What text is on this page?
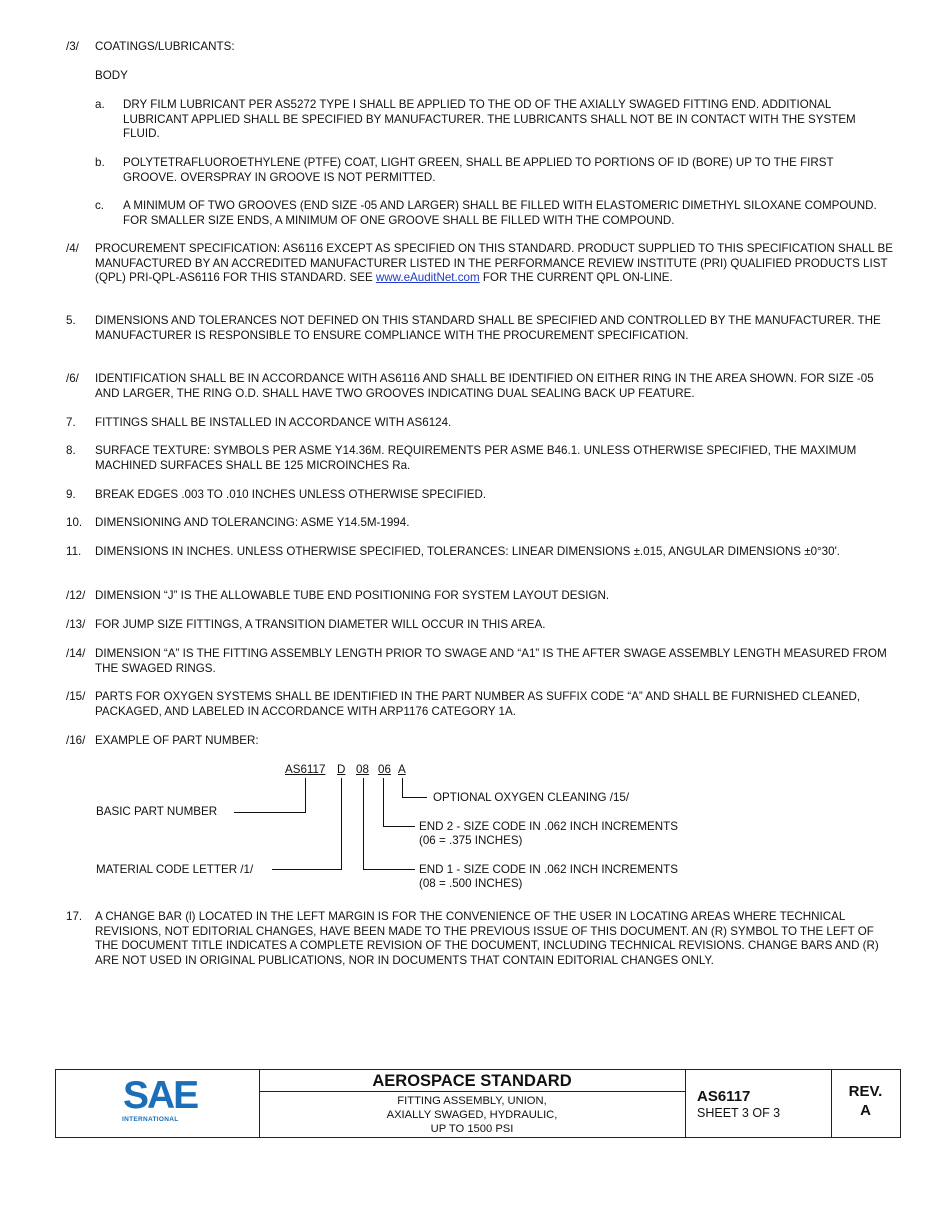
/3/	COATINGS/LUBRICANTS:
BODY
a.	DRY FILM LUBRICANT PER AS5272 TYPE I SHALL BE APPLIED TO THE OD OF THE AXIALLY SWAGED FITTING END. ADDITIONAL LUBRICANT APPLIED SHALL BE SPECIFIED BY MANUFACTURER. THE LUBRICANTS SHALL NOT BE IN CONTACT WITH THE SYSTEM FLUID.
b.	POLYTETRAFLUOROETHYLENE (PTFE) COAT, LIGHT GREEN, SHALL BE APPLIED TO PORTIONS OF ID (BORE) UP TO THE FIRST GROOVE. OVERSPRAY IN GROOVE IS NOT PERMITTED.
c.	A MINIMUM OF TWO GROOVES (END SIZE -05 AND LARGER) SHALL BE FILLED WITH ELASTOMERIC DIMETHYL SILOXANE COMPOUND. FOR SMALLER SIZE ENDS, A MINIMUM OF ONE GROOVE SHALL BE FILLED WITH THE COMPOUND.
/4/	PROCUREMENT SPECIFICATION: AS6116 EXCEPT AS SPECIFIED ON THIS STANDARD. PRODUCT SUPPLIED TO THIS SPECIFICATION SHALL BE MANUFACTURED BY AN ACCREDITED MANUFACTURER LISTED IN THE PERFORMANCE REVIEW INSTITUTE (PRI) QUALIFIED PRODUCTS LIST (QPL) PRI-QPL-AS6116 FOR THIS STANDARD. SEE www.eAuditNet.com FOR THE CURRENT QPL ON-LINE.
5.	DIMENSIONS AND TOLERANCES NOT DEFINED ON THIS STANDARD SHALL BE SPECIFIED AND CONTROLLED BY THE MANUFACTURER. THE MANUFACTURER IS RESPONSIBLE TO ENSURE COMPLIANCE WITH THE PROCUREMENT SPECIFICATION.
/6/	IDENTIFICATION SHALL BE IN ACCORDANCE WITH AS6116 AND SHALL BE IDENTIFIED ON EITHER RING IN THE AREA SHOWN. FOR SIZE -05 AND LARGER, THE RING O.D. SHALL HAVE TWO GROOVES INDICATING DUAL SEALING BACK UP FEATURE.
7.	FITTINGS SHALL BE INSTALLED IN ACCORDANCE WITH AS6124.
8.	SURFACE TEXTURE: SYMBOLS PER ASME Y14.36M. REQUIREMENTS PER ASME B46.1. UNLESS OTHERWISE SPECIFIED, THE MAXIMUM MACHINED SURFACES SHALL BE 125 MICROINCHES Ra.
9.	BREAK EDGES .003 TO .010 INCHES UNLESS OTHERWISE SPECIFIED.
10.	DIMENSIONING AND TOLERANCING: ASME Y14.5M-1994.
11.	DIMENSIONS IN INCHES. UNLESS OTHERWISE SPECIFIED, TOLERANCES: LINEAR DIMENSIONS ±.015, ANGULAR DIMENSIONS ±0°30'.
/12/ DIMENSION “J” IS THE ALLOWABLE TUBE END POSITIONING FOR SYSTEM LAYOUT DESIGN.
/13/ FOR JUMP SIZE FITTINGS, A TRANSITION DIAMETER WILL OCCUR IN THIS AREA.
/14/ DIMENSION “A” IS THE FITTING ASSEMBLY LENGTH PRIOR TO SWAGE AND “A1” IS THE AFTER SWAGE ASSEMBLY LENGTH MEASURED FROM THE SWAGED RINGS.
/15/ PARTS FOR OXYGEN SYSTEMS SHALL BE IDENTIFIED IN THE PART NUMBER AS SUFFIX CODE “A” AND SHALL BE FURNISHED CLEANED, PACKAGED, AND LABELED IN ACCORDANCE WITH ARP1176 CATEGORY 1A.
/16/ EXAMPLE OF PART NUMBER:
AS6117 D 08 06 A
BASIC PART NUMBER
MATERIAL CODE LETTER /1/
OPTIONAL OXYGEN CLEANING /15/
END 2 - SIZE CODE IN .062 INCH INCREMENTS
(06 = .375 INCHES)
END 1 - SIZE CODE IN .062 INCH INCREMENTS
(08 = .500 INCHES)
17.	A CHANGE BAR (l) LOCATED IN THE LEFT MARGIN IS FOR THE CONVENIENCE OF THE USER IN LOCATING AREAS WHERE TECHNICAL REVISIONS, NOT EDITORIAL CHANGES, HAVE BEEN MADE TO THE PREVIOUS ISSUE OF THIS DOCUMENT. AN (R) SYMBOL TO THE LEFT OF THE DOCUMENT TITLE INDICATES A COMPLETE REVISION OF THE DOCUMENT, INCLUDING TECHNICAL REVISIONS. CHANGE BARS AND (R) ARE NOT USED IN ORIGINAL PUBLICATIONS, NOR IN DOCUMENTS THAT CONTAIN EDITORIAL CHANGES ONLY.
SAE
INTERNATIONAL
AEROSPACE STANDARD
FITTING ASSEMBLY, UNION,
AXIALLY SWAGED, HYDRAULIC,
UP TO 1500 PSI
AS6117
SHEET 3 OF 3
REV.
A
